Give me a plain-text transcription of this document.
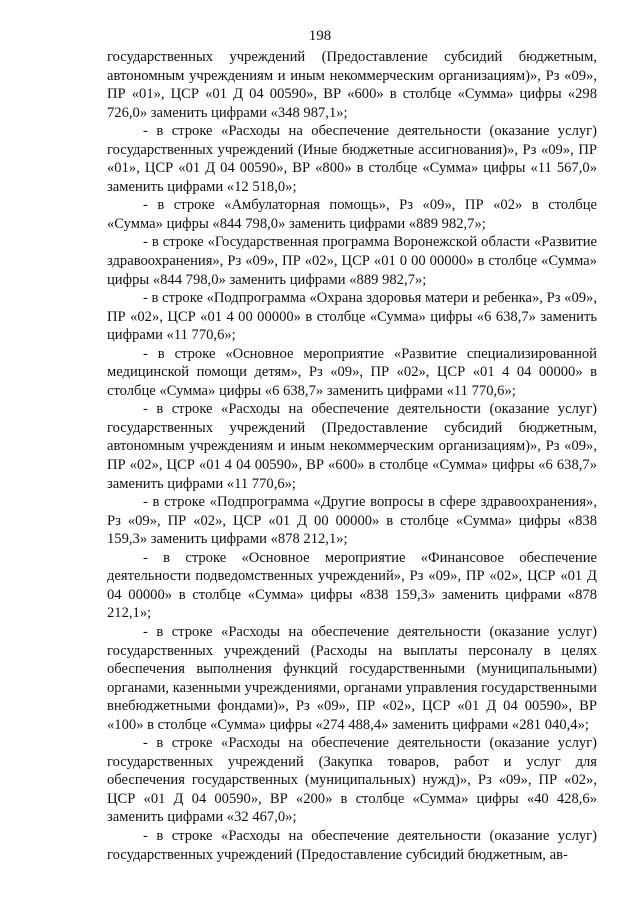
198

государственных учреждений (Предоставление субсидий бюджетным, автономным учреждениям и иным некоммерческим организациям)», Рз «09», ПР «01», ЦСР «01 Д 04 00590», ВР «600» в столбце «Сумма» цифры «298 726,0» заменить цифрами «348 987,1»;

- в строке «Расходы на обеспечение деятельности (оказание услуг) государственных учреждений (Иные бюджетные ассигнования)», Рз «09», ПР «01», ЦСР «01 Д 04 00590», ВР «800» в столбце «Сумма» цифры «11 567,0» заменить цифрами «12 518,0»;

- в строке «Амбулаторная помощь», Рз «09», ПР «02» в столбце «Сумма» цифры «844 798,0» заменить цифрами «889 982,7»;

- в строке «Государственная программа Воронежской области «Развитие здравоохранения», Рз «09», ПР «02», ЦСР «01 0 00 00000» в столбце «Сумма» цифры «844 798,0» заменить цифрами «889 982,7»;

- в строке «Подпрограмма «Охрана здоровья матери и ребенка», Рз «09», ПР «02», ЦСР «01 4 00 00000» в столбце «Сумма» цифры «6 638,7» заменить цифрами «11 770,6»;

- в строке «Основное мероприятие «Развитие специализированной медицинской помощи детям», Рз «09», ПР «02», ЦСР «01 4 04 00000» в столбце «Сумма» цифры «6 638,7» заменить цифрами «11 770,6»;

- в строке «Расходы на обеспечение деятельности (оказание услуг) государственных учреждений (Предоставление субсидий бюджетным, автономным учреждениям и иным некоммерческим организациям)», Рз «09», ПР «02», ЦСР «01 4 04 00590», ВР «600» в столбце «Сумма» цифры «6 638,7» заменить цифрами «11 770,6»;

- в строке «Подпрограмма «Другие вопросы в сфере здравоохранения», Рз «09», ПР «02», ЦСР «01 Д 00 00000» в столбце «Сумма» цифры «838 159,3» заменить цифрами «878 212,1»;

- в строке «Основное мероприятие «Финансовое обеспечение деятельности подведомственных учреждений», Рз «09», ПР «02», ЦСР «01 Д 04 00000» в столбце «Сумма» цифры «838 159,3» заменить цифрами «878 212,1»;

- в строке «Расходы на обеспечение деятельности (оказание услуг) государственных учреждений (Расходы на выплаты персоналу в целях обеспечения выполнения функций государственными (муниципальными) органами, казенными учреждениями, органами управления государственными внебюджетными фондами)», Рз «09», ПР «02», ЦСР «01 Д 04 00590», ВР «100» в столбце «Сумма» цифры «274 488,4» заменить цифрами «281 040,4»;

- в строке «Расходы на обеспечение деятельности (оказание услуг) государственных учреждений (Закупка товаров, работ и услуг для обеспечения государственных (муниципальных) нужд)», Рз «09», ПР «02», ЦСР «01 Д 04 00590», ВР «200» в столбце «Сумма» цифры «40 428,6» заменить цифрами «32 467,0»;

- в строке «Расходы на обеспечение деятельности (оказание услуг) государственных учреждений (Предоставление субсидий бюджетным, ав-
